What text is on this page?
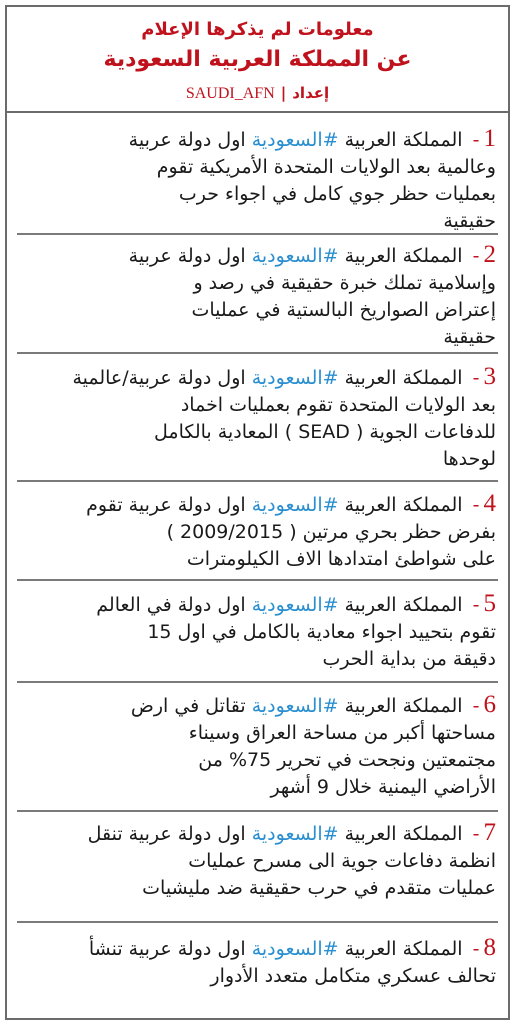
معلومات لم يذكرها الإعلام
عن المملكة العربية السعودية
إعداد|SAUDI_AFN
1- المملكة العربية #السعودية اول دولة عربية
وعالمية بعد الولايات المتحدة الأمريكية تقوم
بعمليات حظر جوي كامل في اجواء حرب
حقيقية
2- المملكة العربية #السعودية اول دولة عربية
وإسلامية تملك خبرة حقيقية في رصد و
إعتراض الصواريخ البالستية في عمليات
حقيقية
3- المملكة العربية #السعودية اول دولة عربية/عالمية
بعد الولايات المتحدة تقوم بعمليات اخماد
للدفاعات الجوية ( SEAD ) المعادية بالكامل
لوحدها
4- المملكة العربية #السعودية اول دولة عربية تقوم
بفرض حظر بحري مرتين ( 2009/2015 )
على شواطئ امتدادها الاف الكيلومترات
5- المملكة العربية #السعودية اول دولة في العالم
تقوم بتحييد اجواء معادية بالكامل في اول 15
دقيقة من بداية الحرب
6- المملكة العربية #السعودية تقاتل في ارض
مساحتها أكبر من مساحة العراق وسيناء
مجتمعتين ونجحت في تحرير 75% من
الأراضي اليمنية خلال 9 أشهر
7- المملكة العربية #السعودية اول دولة عربية تنقل
انظمة دفاعات جوية الى مسرح عمليات
عمليات متقدم في حرب حقيقية ضد مليشيات
8- المملكة العربية #السعودية اول دولة عربية تنشأ
تحالف عسكري متكامل متعدد الأدوار
